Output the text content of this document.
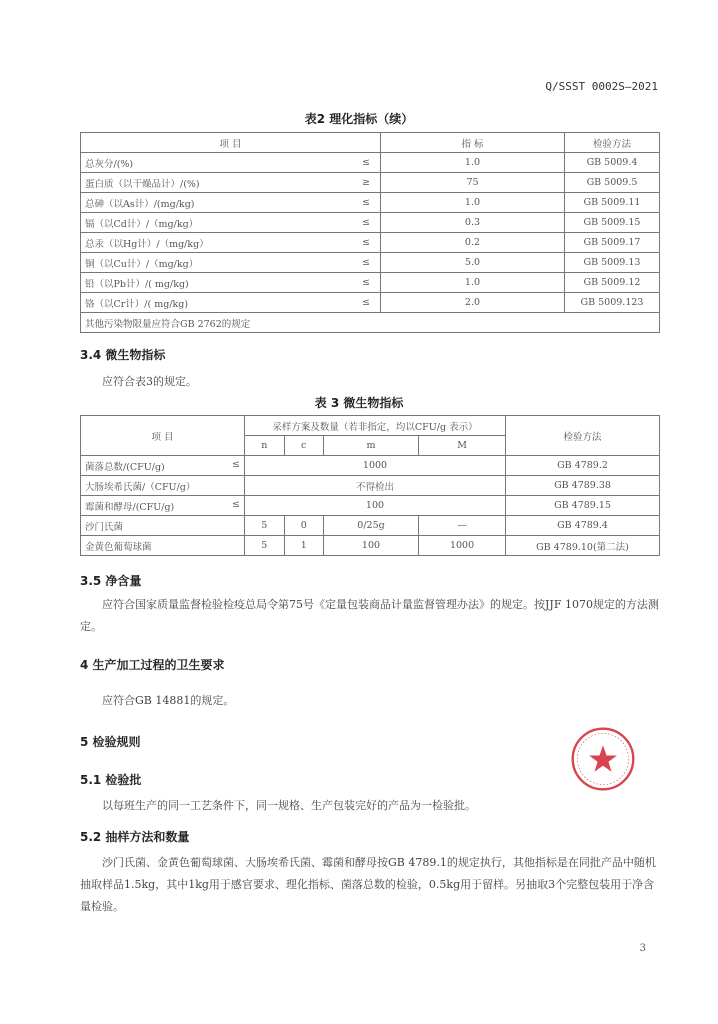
Q/SSST 0002S—2021
表2 理化指标（续）
项 目		指 标	检验方法
总灰分/(%)	≤	1.0	GB 5009.4
蛋白质（以干燥品计）/(%)	≥	75	GB 5009.5
总砷（以As计）/(mg/kg)	≤	1.0	GB 5009.11
镉（以Cd计）/（mg/kg）	≤	0.3	GB 5009.15
总汞（以Hg计）/（mg/kg）	≤	0.2	GB 5009.17
铜（以Cu计）/（mg/kg）	≤	5.0	GB 5009.13
铅（以Pb计）/( mg/kg)	≤	1.0	GB 5009.12
铬（以Cr计）/( mg/kg)	≤	2.0	GB 5009.123
其他污染物限量应符合GB 2762的规定			
3.4 微生物指标
应符合表3的规定。
表 3 微生物指标
项 目	采样方案及数量（若非指定，均以CFU/g 表示）				检验方法
	n	c	m	M	
菌落总数/(CFU/g) ≤	1000				GB 4789.2
大肠埃希氏菌/（CFU/g）	不得检出				GB 4789.38
霉菌和酵母/(CFU/g) ≤	100				GB 4789.15
沙门氏菌	5	0	0/25g	—	GB 4789.4
金黄色葡萄球菌	5	1	100	1000	GB 4789.10(第二法)
3.5 净含量
应符合国家质量监督检验检疫总局令第75号《定量包装商品计量监督管理办法》的规定。按JJF 1070规定的方法测定。
4 生产加工过程的卫生要求
应符合GB 14881的规定。
5 检验规则
5.1 检验批
以每班生产的同一工艺条件下，同一规格、生产包装完好的产品为一检验批。
5.2 抽样方法和数量
沙门氏菌、金黄色葡萄球菌、大肠埃希氏菌、霉菌和酵母按GB 4789.1的规定执行，其他指标是在同批产品中随机抽取样品1.5kg，其中1kg用于感官要求、理化指标、菌落总数的检验，0.5kg用于留样。另抽取3个完整包装用于净含量检验。
3
